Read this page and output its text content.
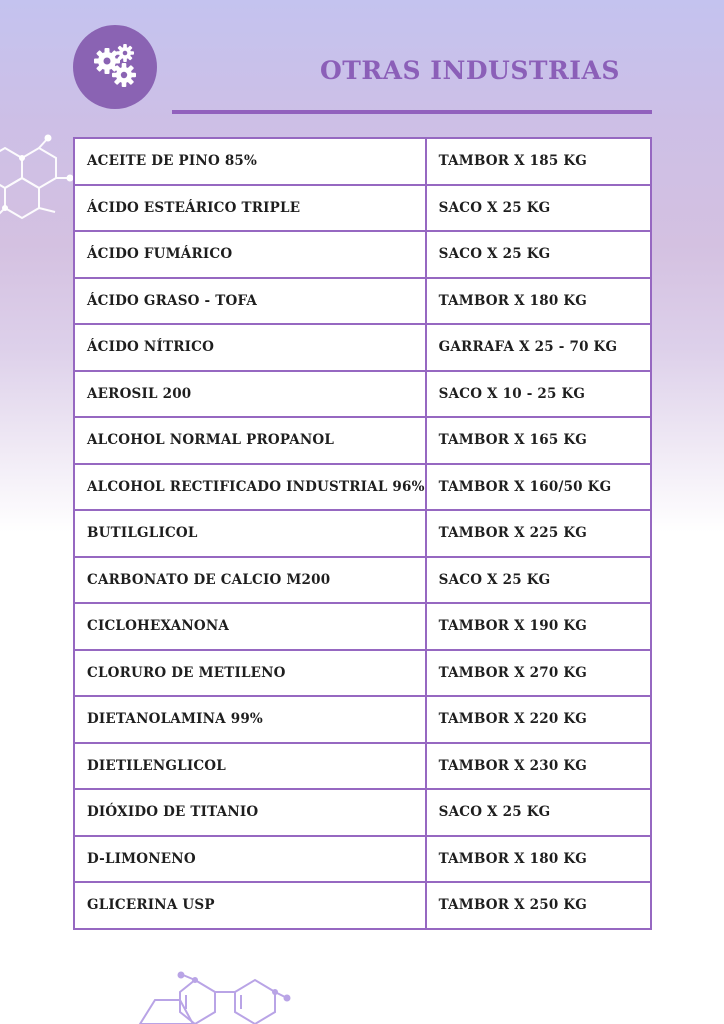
OTRAS INDUSTRIAS
ACEITE DE PINO 85%	TAMBOR X 185 KG
ÁCIDO ESTEÁRICO TRIPLE	SACO X 25 KG
ÁCIDO FUMÁRICO	SACO X 25 KG
ÁCIDO GRASO - TOFA	TAMBOR X 180 KG
ÁCIDO NÍTRICO	GARRAFA X 25 - 70 KG
AEROSIL 200	SACO X 10 - 25 KG
ALCOHOL NORMAL PROPANOL	TAMBOR X 165 KG
ALCOHOL RECTIFICADO INDUSTRIAL 96%	TAMBOR X 160/50 KG
BUTILGLICOL	TAMBOR X 225 KG
CARBONATO DE CALCIO M200	SACO X 25 KG
CICLOHEXANONA	TAMBOR X 190 KG
CLORURO DE METILENO	TAMBOR X 270 KG
DIETANOLAMINA 99%	TAMBOR X 220 KG
DIETILENGLICOL	TAMBOR X 230 KG
DIÓXIDO DE TITANIO	SACO X 25 KG
D-LIMONENO	TAMBOR X 180 KG
GLICERINA USP	TAMBOR X 250 KG
